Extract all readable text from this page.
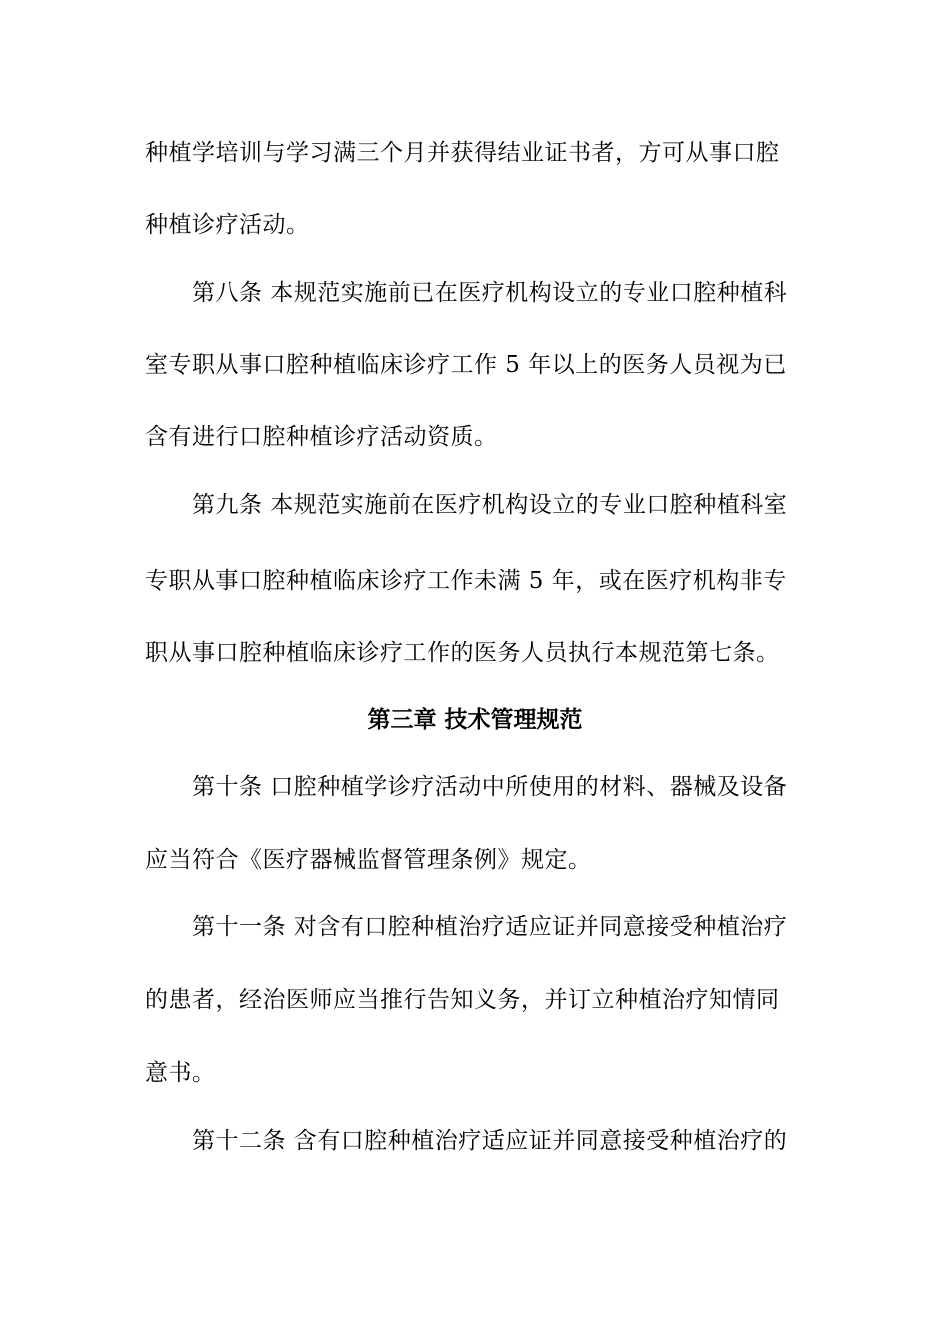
种植学培训与学习满三个月并获得结业证书者，方可从事口腔
种植诊疗活动。
第八条 本规范实施前已在医疗机构设立的专业口腔种植科
室专职从事口腔种植临床诊疗工作 5 年以上的医务人员视为已
含有进行口腔种植诊疗活动资质。
第九条 本规范实施前在医疗机构设立的专业口腔种植科室
专职从事口腔种植临床诊疗工作未满 5 年，或在医疗机构非专
职从事口腔种植临床诊疗工作的医务人员执行本规范第七条。
第三章 技术管理规范
第十条 口腔种植学诊疗活动中所使用的材料、器械及设备
应当符合《医疗器械监督管理条例》规定。
第十一条 对含有口腔种植治疗适应证并同意接受种植治疗
的患者，经治医师应当推行告知义务，并订立种植治疗知情同
意书。
第十二条 含有口腔种植治疗适应证并同意接受种植治疗的
